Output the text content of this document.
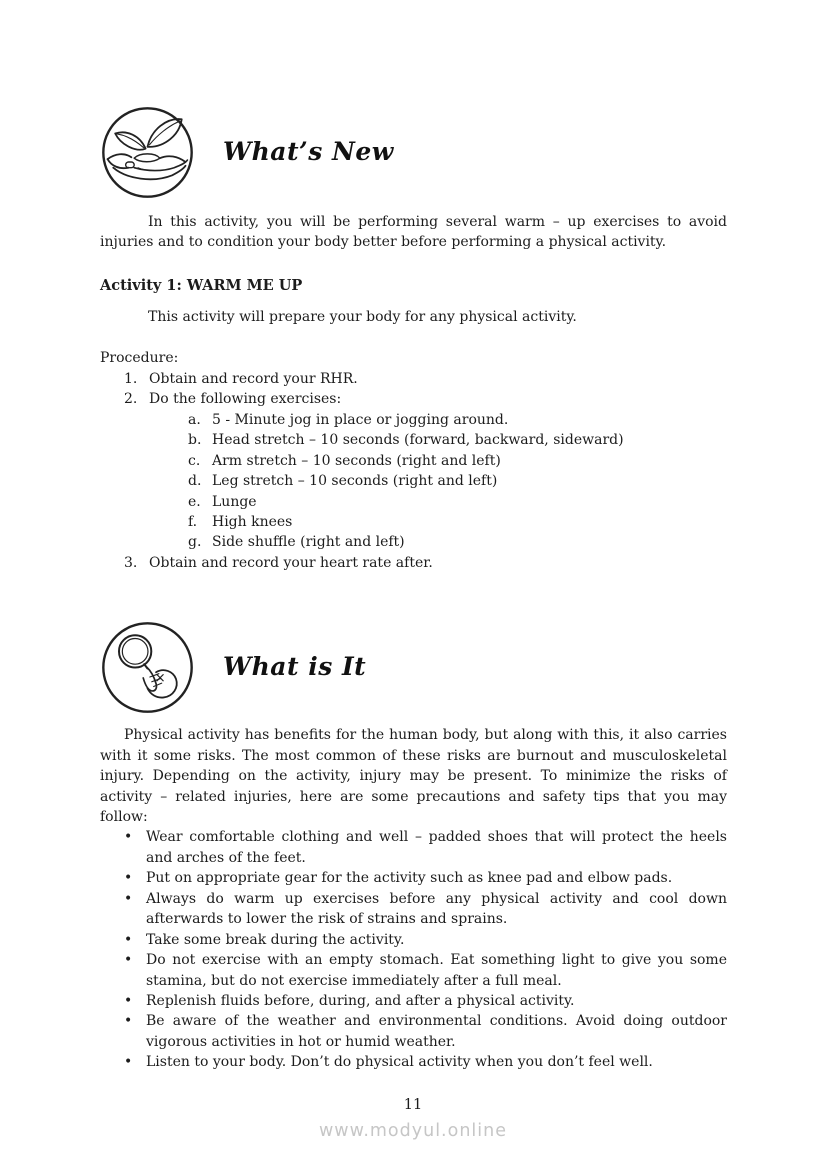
What’s New

In this activity, you will be performing several warm – up exercises to avoid injuries and to condition your body better before performing a physical activity.

Activity 1: WARM ME UP

This activity will prepare your body for any physical activity.

Procedure:

1. Obtain and record your RHR.
2. Do the following exercises:
a. 5 - Minute jog in place or jogging around.
b. Head stretch – 10 seconds (forward, backward, sideward)
c. Arm stretch – 10 seconds (right and left)
d. Leg stretch – 10 seconds (right and left)
e. Lunge
f.	High knees
g. Side shuffle (right and left)
3. Obtain and record your heart rate after.
What is It

Physical activity has benefits for the human body, but along with this, it also carries with it some risks. The most common of these risks are burnout and musculoskeletal injury. Depending on the activity, injury may be present. To minimize the risks of activity – related injuries, here are some precautions and safety tips that you may follow:

• Wear comfortable clothing and well – padded shoes that will protect the heels and arches of the feet.
• Put on appropriate gear for the activity such as knee pad and elbow pads.
• Always do warm up exercises before any physical activity and cool down afterwards to lower the risk of strains and sprains.
• Take some break during the activity.
• Do not exercise with an empty stomach. Eat something light to give you some stamina, but do not exercise immediately after a full meal.
• Replenish fluids before, during, and after a physical activity.
• Be aware of the weather and environmental conditions. Avoid doing outdoor vigorous activities in hot or humid weather.
• Listen to your body. Don’t do physical activity when you don’t feel well.
11
www.modyul.online
